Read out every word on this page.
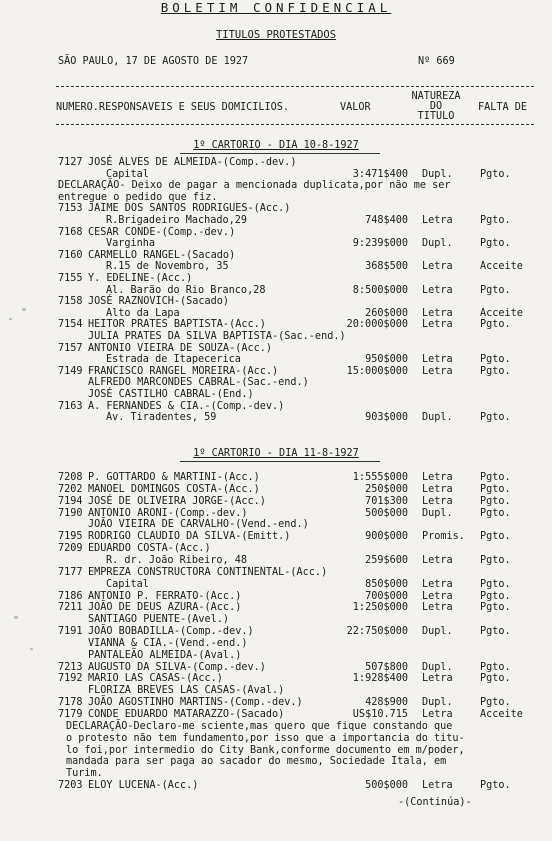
BOLETIM CONFIDENCIAL
TITULOS PROTESTADOS
SÃO PAULO, 17 DE AGOSTO DE 1927	Nº 669
NUMERO.RESPONSAVEIS E SEUS DOMICILIOS.	VALOR
NATUREZA
DO
TITULO
FALTA DE
1º CARTORIO - DIA 10-8-1927
7127 JOSÉ ALVES DE ALMEIDA-(Comp.-dev.)
Capital	3:471$400 Dupl.	Pgto.
DECLARAÇÃO- Deixo de pagar a mencionada duplicata,por não me ser
entregue o pedido que fiz.
7153 JAIME DOS SANTOS RODRIGUES-(Acc.)
R.Brigadeiro Machado,29	748$400 Letra	Pgto.
7168 CESAR CONDE-(Comp.-dev.)
Varginha	9:239$000 Dupl.	Pgto.
7160 CARMELLO RANGEL-(Sacado)
R.15 de Novembro, 35	368$500 Letra	Acceite
7155 Y. EDELINE-(Acc.)
Al. Barão do Rio Branco,28	8:500$000 Letra	Pgto.
7158 JOSÉ RAZNOVICH-(Sacado)
Alto da Lapa	260$000 Letra	Acceite
7154 HEITOR PRATES BAPTISTA-(Acc.)	20:000$000 Letra	Pgto.
JULIA PRATES DA SILVA BAPTISTA-(Sac.-end.)
7157 ANTONIO VIEIRA DE SOUZA-(Acc.)
Estrada de Itapecerica	950$000 Letra	Pgto.
7149 FRANCISCO RANGEL MOREIRA-(Acc.)	15:000$000 Letra	Pgto.
ALFREDO MARCONDES CABRAL-(Sac.-end.)
JOSÉ CASTILHO CABRAL-(End.)
7163 A. FERNANDES & CIA.-(Comp.-dev.)
Av. Tiradentes, 59	903$000 Dupl.	Pgto.
1º CARTORIO - DIA 11-8-1927
7208 P. GOTTARDO & MARTINI-(Acc.)	1:555$000 Letra	Pgto.
7202 MANOEL DOMINGOS COSTA-(Acc.)	250$000 Letra	Pgto.
7194 JOSÉ DE OLIVEIRA JORGE-(Acc.)	701$300 Letra	Pgto.
7190 ANTONIO ARONI-(Comp.-dev.)	500$000 Dupl.	Pgto.
JOÃO VIEIRA DE CARVALHO-(Vend.-end.)
7195 RODRIGO CLAUDIO DA SILVA-(Emitt.)	900$000 Promis. Pgto.
7209 EDUARDO COSTA-(Acc.)
R. dr. João Ribeiro, 48	259$600 Letra	Pgto.
7177 EMPREZA CONSTRUCTORA CONTINENTAL-(Acc.)
Capital	850$000 Letra	Pgto.
7186 ANTONIO P. FERRATO-(Acc.)	700$000 Letra	Pgto.
7211 JOÃO DE DEUS AZURA-(Acc.)	1:250$000 Letra	Pgto.
SANTIAGO PUENTE-(Avel.)
7191 JOÃO BOBADILLA-(Comp.-dev.)	22:750$000 Dupl.	Pgto.
VIANNA & CIA.-(Vend.-end.)
PANTALEÃO ALMEIDA-(Aval.)
7213 AUGUSTO DA SILVA-(Comp.-dev.)	507$800 Dupl.	Pgto.
7192 MARIO LAS CASAS-(Acc.)	1:928$400 Letra	Pgto.
FLORIZA BREVES LAS CASAS-(Aval.)
7178 JOÃO AGOSTINHO MARTINS-(Comp.-dev.)	428$900 Dupl.	Pgto.
7179 CONDE EDUARDO MATARAZZO-(Sacado)	US$10.715 Letra	Acceite
DECLARAÇÃO-Declaro-me sciente,mas quero que fique constando que
o protesto não tem fundamento,por isso que a importancia do titu-
lo foi,por intermedio do City Bank,conforme documento em m/poder,
mandada para ser paga ao sacador do mesmo, Sociedade Itala, em
Turim.
7203 ELOY LUCENA-(Acc.)	500$000 Letra	Pgto.
-(Continúa)-
